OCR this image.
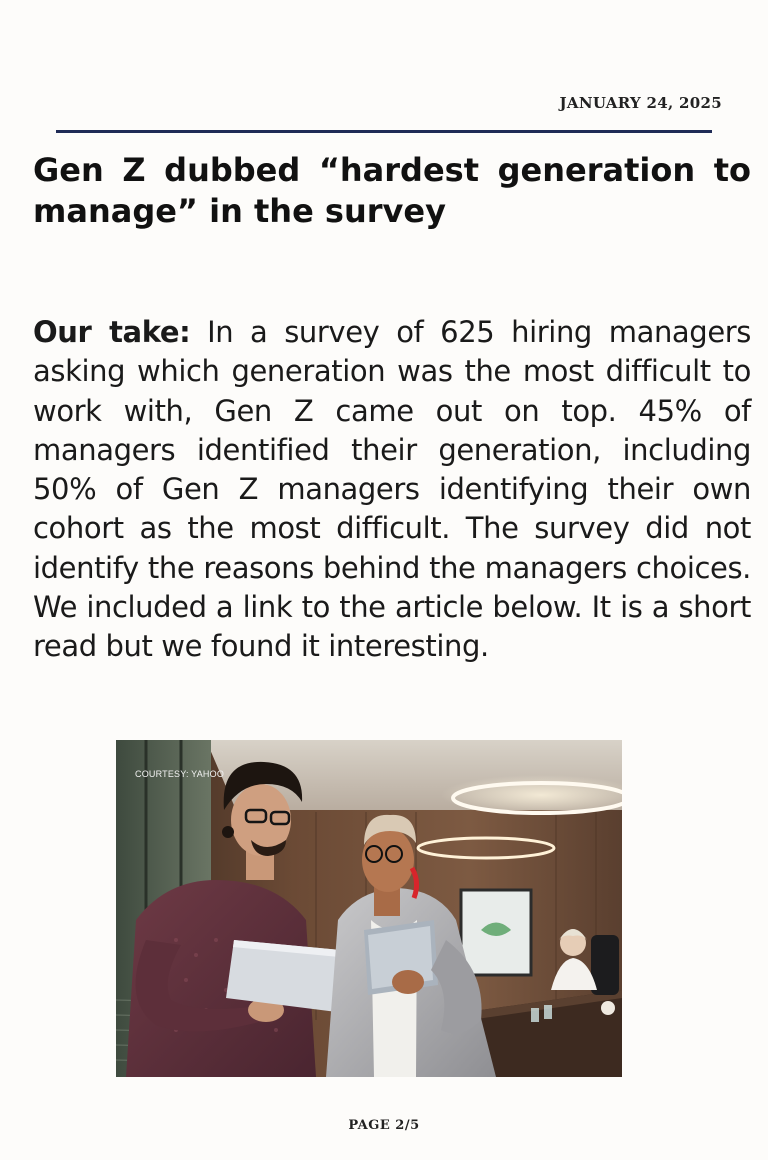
JANUARY 24, 2025
Gen Z dubbed “hardest generation to manage” in the survey

Our take: In a survey of 625 hiring managers asking which generation was the most difficult to work with, Gen Z came out on top. 45% of managers identified their generation, including 50% of Gen Z managers identifying their own cohort as the most difficult. The survey did not identify the reasons behind the managers choices. We included a link to the article below. It is a short read but we found it interesting.

COURTESY: YAHOO
PAGE 2/5
